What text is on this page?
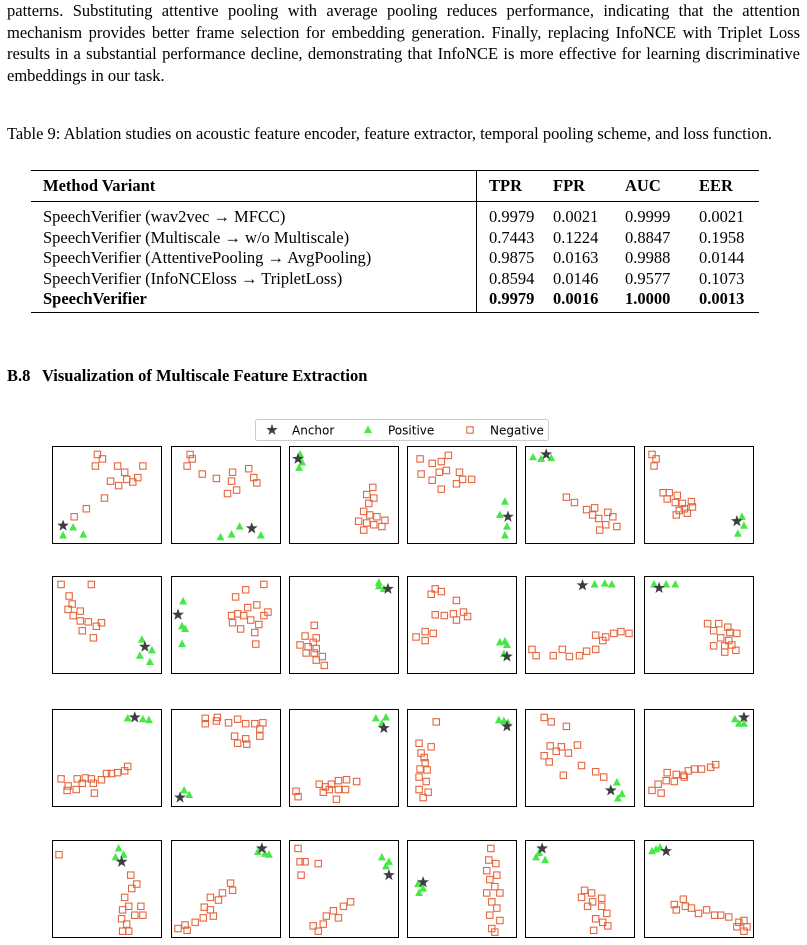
patterns. Substituting attentive pooling with average pooling reduces performance, indicating that the attention mechanism provides better frame selection for embedding generation. Finally, replacing InfoNCE with Triplet Loss results in a substantial performance decline, demonstrating that InfoNCE is more effective for learning discriminative embeddings in our task.

Table 9: Ablation studies on acoustic feature encoder, feature extractor, temporal pooling scheme, and loss function.

Method Variant	TPR	FPR	AUC	EER
SpeechVerifier (wav2vec → MFCC)	0.9979	0.0021	0.9999	0.0021
SpeechVerifier (Multiscale → w/o Multiscale)	0.7443	0.1224	0.8847	0.1958
SpeechVerifier (AttentivePooling → AvgPooling)	0.9875	0.0163	0.9988	0.0144
SpeechVerifier (InfoNCEloss → TripletLoss)	0.8594	0.0146	0.9577	0.1073
SpeechVerifier	0.9979	0.0016	1.0000	0.0013

B.8 Visualization of Multiscale Feature Extraction

Anchor	Positive	Negative
